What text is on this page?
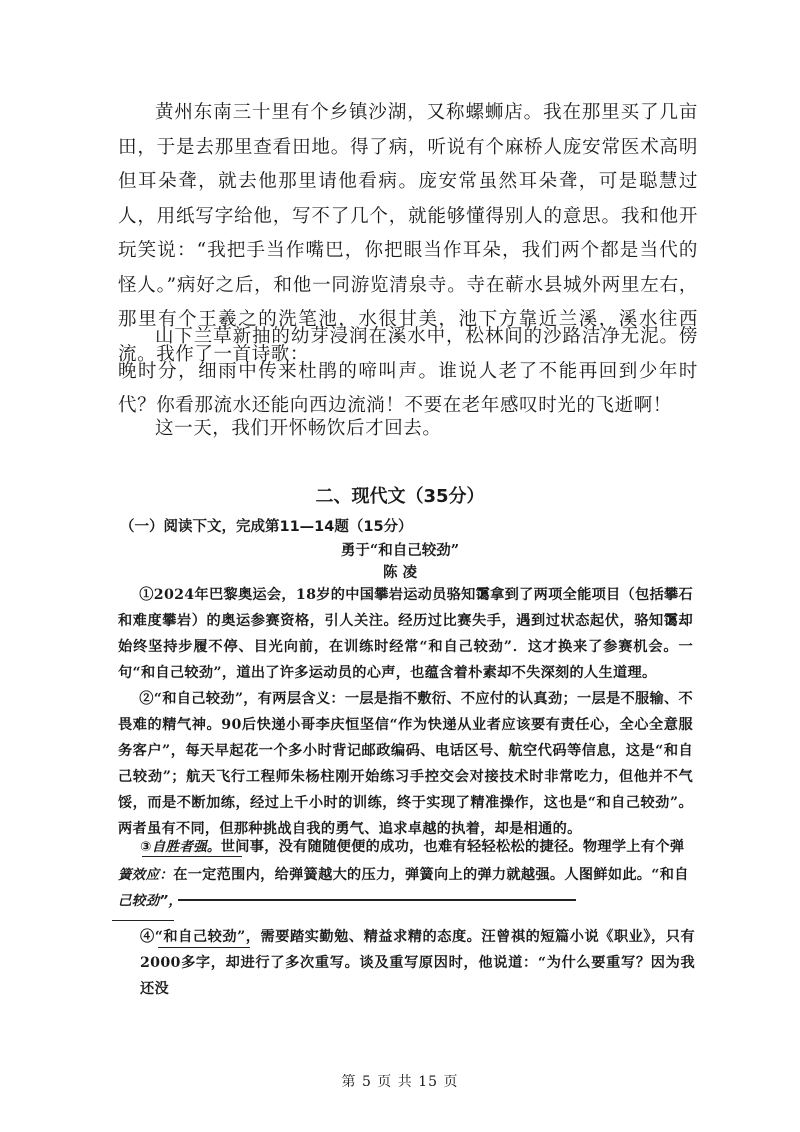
黄州东南三十里有个乡镇沙湖，又称螺蛳店。我在那里买了几亩田，于是去那里查看田地。得了病，听说有个麻桥人庞安常医术高明但耳朵聋，就去他那里请他看病。庞安常虽然耳朵聋，可是聪慧过人，用纸写字给他，写不了几个，就能够懂得别人的意思。我和他开玩笑说：“我把手当作嘴巴，你把眼当作耳朵，我们两个都是当代的怪人。”病好之后，和他一同游览清泉寺。寺在蕲水县城外两里左右，那里有个王羲之的洗笔池，水很甘美，池下方靠近兰溪，溪水往西流。我作了一首诗歌：

山下兰草新抽的幼芽浸润在溪水中，松林间的沙路洁净无泥。傍晚时分，细雨中传来杜鹃的啼叫声。谁说人老了不能再回到少年时代？你看那流水还能向西边流淌！不要在老年感叹时光的飞逝啊！

这一天，我们开怀畅饮后才回去。

二、现代文（35分）
（一）阅读下文，完成第11—14题（15分）
勇于“和自己较劲”
陈 凌

①2024年巴黎奥运会，18岁的中国攀岩运动员骆知霭拿到了两项全能项目（包括攀石和难度攀岩）的奥运参赛资格，引人关注。经历过比赛失手，遇到过状态起伏，骆知霭却始终坚持步履不停、目光向前，在训练时经常“和自己较劲”．这才换来了参赛机会。一句“和自己较劲”，道出了许多运动员的心声，也蕴含着朴素却不失深刻的人生道理。

②“和自己较劲”，有两层含义：一层是指不敷衍、不应付的认真劲；一层是不服输、不畏难的精气神。90后快递小哥李庆恒坚信“作为快递从业者应该要有责任心，全心全意服务客户”，每天早起花一个多小时背记邮政编码、电话区号、航空代码等信息，这是“和自己较劲”；航天飞行工程师朱杨柱刚开始练习手控交会对接技术时非常吃力，但他并不气馁，而是不断加练，经过上千小时的训练，终于实现了精准操作，这也是“和自己较劲”。两者虽有不同，但那种挑战自我的勇气、追求卓越的执着，却是相通的。

③自胜者强。世间事，没有随随便便的成功，也难有轻轻松松的捷径。物理学上有个弹

簧效应：在一定范围内，给弹簧越大的压力，弹簧向上的弹力就越强。人图鲜如此。“和自

己较劲”，

④“和自己较劲”，需要踏实勤勉、精益求精的态度。汪曾祺的短篇小说《职业》，只有2000多字，却进行了多次重写。谈及重写原因时，他说道：“为什么要重写？因为我还没

第 5 页 共 15 页
